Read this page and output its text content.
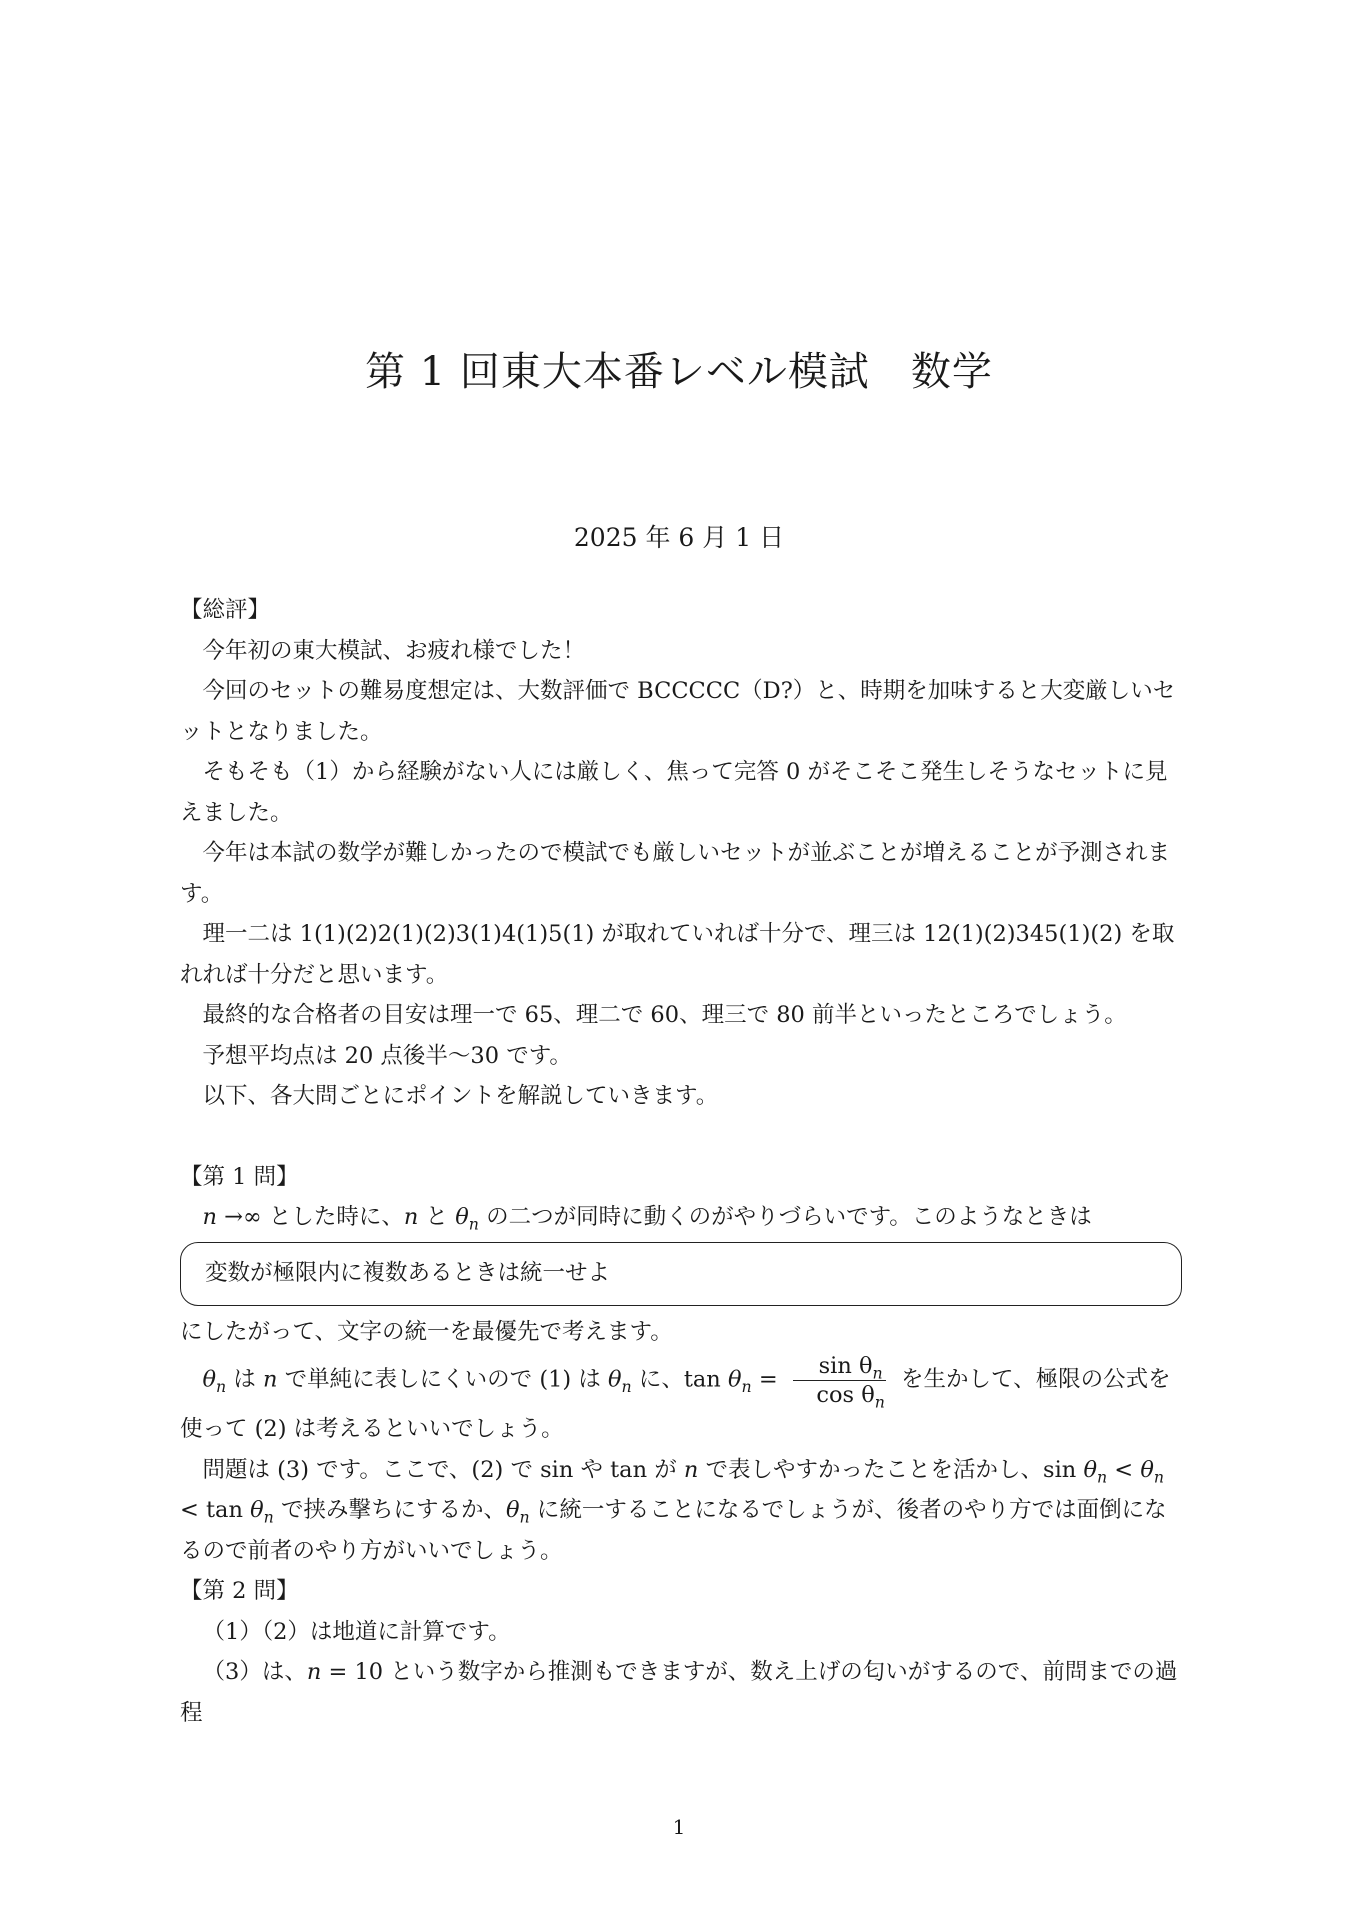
第 1 回東大本番レベル模試　数学
2025 年 6 月 1 日

【総評】

今年初の東大模試、お疲れ様でした！

今回のセットの難易度想定は、大数評価で BCCCCC（D?）と、時期を加味すると大変厳しいセットとなりました。

そもそも（1）から経験がない人には厳しく、焦って完答 0 がそこそこ発生しそうなセットに見えました。

今年は本試の数学が難しかったので模試でも厳しいセットが並ぶことが増えることが予測されます。

理一二は 1(1)(2)2(1)(2)3(1)4(1)5(1) が取れていれば十分で、理三は 12(1)(2)345(1)(2) を取れれば十分だと思います。

最終的な合格者の目安は理一で 65、理二で 60、理三で 80 前半といったところでしょう。

予想平均点は 20 点後半〜30 です。

以下、各大問ごとにポイントを解説していきます。

【第 1 問】

n →∞ とした時に、n と $\theta_n$ の二つが同時に動くのがやりづらいです。このようなときは

変数が極限内に複数あるときは統一せよ

にしたがって、文字の統一を最優先で考えます。

$\theta_n$ は n で単純に表しにくいので (1) は $\theta_n$ に、$\tan \theta_n = \frac{\sin \theta_n}{\cos \theta_n}$ を生かして、極限の公式を使って (2) は考えるといいでしょう。

問題は (3) です。ここで、(2) で sin や tan が n で表しやすかったことを活かし、$\sin \theta_n < \theta_n < \tan \theta_n$ で挟み撃ちにするか、$\theta_n$ に統一することになるでしょうが、後者のやり方では面倒になるので前者のやり方がいいでしょう。

【第 2 問】

（1）（2）は地道に計算です。

（3）は、n = 10 という数字から推測もできますが、数え上げの匂いがするので、前問までの過程

1
